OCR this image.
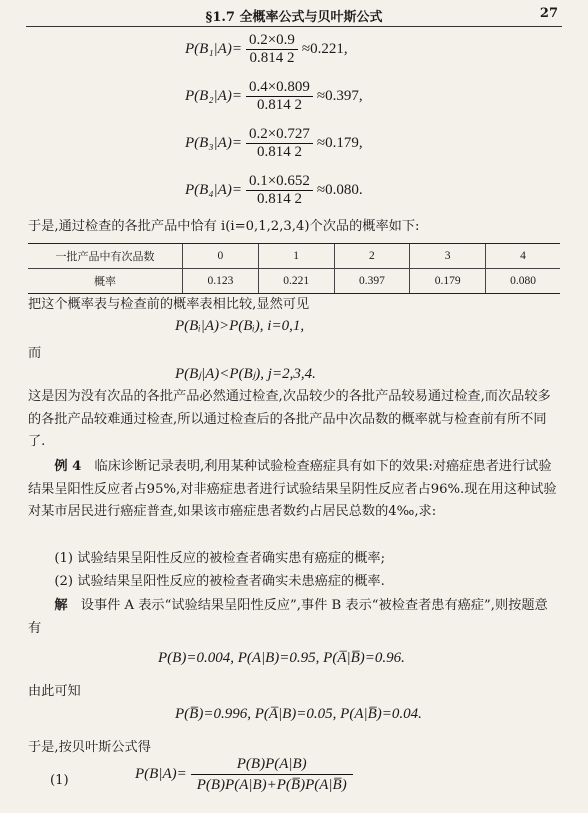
§1.7 全概率公式与贝叶斯公式	27
$P(B_1|A)= \frac{0.2\times 0.9}{0.814 2} \approx 0.221$,
$P(B_2|A)= \frac{0.4\times 0.809}{0.814 2} \approx 0.397$,
$P(B_3|A)= \frac{0.2\times 0.727}{0.814 2} \approx 0.179$,
$P(B_4|A)= \frac{0.1\times 0.652}{0.814 2} \approx 0.080$.
于是,通过检查的各批产品中恰有 i(i=0,1,2,3,4)个次品的概率如下:
一批产品中有次品数	0	1	2	3	4
概率	0.123	0.221	0.397	0.179	0.080
把这个概率表与检查前的概率表相比较,显然可见
P(Bᵢ|A)>P(Bᵢ), i=0,1,
而
P(Bⱼ|A)<P(Bⱼ), j=2,3,4.
这是因为没有次品的各批产品必然通过检查,次品较少的各批产品较易通过检查,而次品较多的各批产品较难通过检查,所以通过检查后的各批产品中次品数的概率就与检查前有所不同了.
例 4　 临床诊断记录表明,利用某种试验检查癌症具有如下的效果:对癌症患者进行试验结果呈阳性反应者占95%,对非癌症患者进行试验结果呈阴性反应者占96%.现在用这种试验对某市居民进行癌症普查,如果该市癌症患者数约占居民总数的4‰,求:
(1) 试验结果呈阳性反应的被检查者确实患有癌症的概率;
(2) 试验结果呈阳性反应的被检查者确实未患癌症的概率.
解　 设事件 A 表示“试验结果呈阳性反应”,事件 B 表示“被检查者患有癌症”,则按题意有
P(B)=0.004, P(A|B)=0.95, P(A̅|B̅)=0.96.
由此可知
P(B̅)=0.996, P(A̅|B)=0.05, P(A|B̅)=0.04.
于是,按贝叶斯公式得
(1)	$P(B|A)= \frac{P(B)P(A|B)}{P(B)P(A|B)+P(B̅)P(A|B̅)}$
